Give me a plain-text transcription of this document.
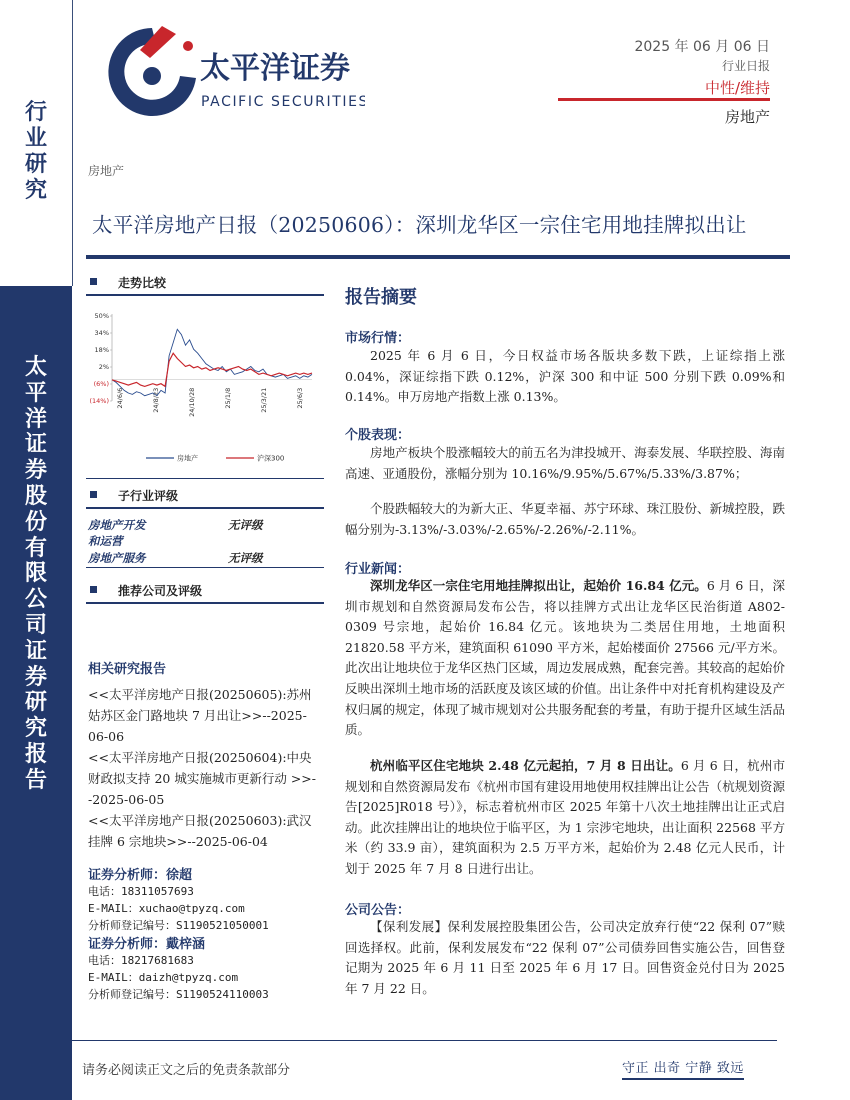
行
业
研
究
太
平
洋
证
券
股
份
有
限
公
司
证
券
研
究
报
告
太平洋证券
PACIFIC SECURITIES
2025 年 06 月 06 日
行业日报
中性/维持
房地产
房地产
太平洋房地产日报（20250606）：深圳龙华区一宗住宅用地挂牌拟出让
走势比较
50%
34%
18%
2%
(6%)
(14%) 24/6/6	24/8/23	24/10/28	25/1/8	25/3/21	25/6/3
房地产	沪深300
子行业评级
房地产开发
和运营
无评级
房地产服务	无评级
推荐公司及评级
相关研究报告
<<太平洋房地产日报(20250605):苏州姑苏区金门路地块 7 月出让>>--2025-06-06
<<太平洋房地产日报(20250604):中央财政拟支持 20 城实施城市更新行动 >>--2025-06-05
<<太平洋房地产日报(20250603):武汉挂牌 6 宗地块>>--2025-06-04
证券分析师：徐超
电话：18311057693
E-MAIL：xuchao@tpyzq.com
分析师登记编号：S1190521050001
证券分析师：戴梓涵
电话：18217681683
E-MAIL：daizh@tpyzq.com
分析师登记编号：S1190524110003
报告摘要
市场行情：
2025 年 6 月 6 日，今日权益市场各版块多数下跌，上证综指上涨 0.04%，深证综指下跌 0.12%，沪深 300 和中证 500 分别下跌 0.09%和 0.14%。申万房地产指数上涨 0.13%。
个股表现：
房地产板块个股涨幅较大的前五名为津投城开、海泰发展、华联控股、海南高速、亚通股份，涨幅分别为 10.16%/9.95%/5.67%/5.33%/3.87%；
个股跌幅较大的为新大正、华夏幸福、苏宁环球、珠江股份、新城控股，跌幅分别为-3.13%/-3.03%/-2.65%/-2.26%/-2.11%。
行业新闻：
深圳龙华区一宗住宅用地挂牌拟出让，起始价 16.84 亿元。6 月 6 日，深圳市规划和自然资源局发布公告，将以挂牌方式出让龙华区民治街道 A802-0309 号宗地，起始价 16.84 亿元。该地块为二类居住用地，土地面积 21820.58 平方米，建筑面积 61090 平方米，起始楼面价 27566 元/平方米。此次出让地块位于龙华区热门区域，周边发展成熟，配套完善。其较高的起始价反映出深圳土地市场的活跃度及该区域的价值。出让条件中对托育机构建设及产权归属的规定，体现了城市规划对公共服务配套的考量，有助于提升区域生活品质。
杭州临平区住宅地块 2.48 亿元起拍，7 月 8 日出让。6 月 6 日，杭州市规划和自然资源局发布《杭州市国有建设用地使用权挂牌出让公告（杭规划资源告[2025]R018 号）》，标志着杭州市区 2025 年第十八次土地挂牌出让正式启动。此次挂牌出让的地块位于临平区，为 1 宗涉宅地块，出让面积 22568 平方米（约 33.9 亩），建筑面积为 2.5 万平方米，起始价为 2.48 亿元人民币，计划于 2025 年 7 月 8 日进行出让。
公司公告：
【保利发展】保利发展控股集团公告，公司决定放弃行使“22 保利 07”赎回选择权。此前，保利发展发布“22 保利 07”公司债券回售实施公告，回售登记期为 2025 年 6 月 11 日至 2025 年 6 月 17 日。回售资金兑付日为 2025 年 7 月 22 日。
请务必阅读正文之后的免责条款部分	守正 出奇 宁静 致远
